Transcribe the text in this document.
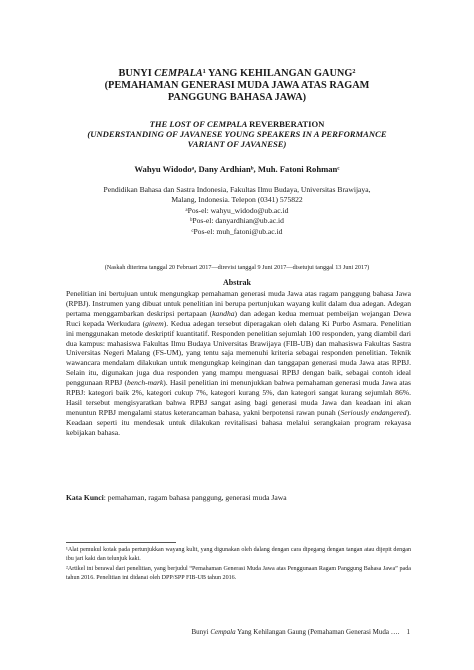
BUNYI CEMPALA¹ YANG KEHILANGAN GAUNG²
(PEMAHAMAN GENERASI MUDA JAWA ATAS RAGAM
PANGGUNG BAHASA JAWA)
THE LOST OF CEMPALA REVERBERATION
(UNDERSTANDING OF JAVANESE YOUNG SPEAKERS IN A PERFORMANCE
VARIANT OF JAVANESE)
Wahyu Widodoᵃ, Dany Ardhianᵇ, Muh. Fatoni Rohmanᶜ
Pendidikan Bahasa dan Sastra Indonesia, Fakultas Ilmu Budaya, Universitas Brawijaya,
Malang, Indonesia. Telepon (0341) 575822
ᵃPos-el: wahyu_widodo@ub.ac.id
ᵇPos-el: danyardhian@ub.ac.id
ᶜPos-el: muh_fatoni@ub.ac.id
(Naskah diterima tanggal 20 Februari 2017—direvisi tanggal 9 Juni 2017—disetujui tanggal 13 Juni 2017)
Abstrak
Penelitian ini bertujuan untuk mengungkap pemahaman generasi muda Jawa atas ragam panggung bahasa Jawa (RPBJ). Instrumen yang dibuat untuk penelitian ini berupa pertunjukan wayang kulit dalam dua adegan. Adegan pertama menggambarkan deskripsi pertapaan (kandha) dan adegan kedua memuat pembeijan wejangan Dewa Ruci kepada Werkudara (ginem). Kedua adegan tersebut diperagakan oleh dalang Ki Purbo Asmara. Penelitian ini menggunakan metode deskriptif kuantitatif. Responden penelitian sejumlah 100 responden, yang diambil dari dua kampus: mahasiswa Fakultas Ilmu Budaya Universitas Brawijaya (FIB-UB) dan mahasiswa Fakultas Sastra Universitas Negeri Malang (FS-UM), yang tentu saja memenuhi kriteria sebagai responden penelitian. Teknik wawancara mendalam dilakukan untuk mengungkap keinginan dan tanggapan generasi muda Jawa atas RPBJ. Selain itu, digunakan juga dua responden yang mampu menguasai RPBJ dengan baik, sebagai contoh ideal penggunaan RPBJ (bench-mark). Hasil penelitian ini menunjukkan bahwa pemahaman generasi muda Jawa atas RPBJ: kategori baik 2%, kategori cukup 7%, kategori kurang 5%, dan kategori sangat kurang sejumlah 86%. Hasil tersebut mengisyaratkan bahwa RPBJ sangat asing bagi generasi muda Jawa dan keadaan ini akan menuntun RPBJ mengalami status keterancaman bahasa, yakni berpotensi rawan punah (Seriously endangered). Keadaan seperti itu mendesak untuk dilakukan revitalisasi bahasa melalui serangkaian program rekayasa kebijakan bahasa.
Kata Kunci: pemahaman, ragam bahasa panggung, generasi muda Jawa
¹Alat pemukul kotak pada pertunjukkan wayang kulit, yang digunakan oleh dalang dengan cara dipegang dengan tangan atau dijepit dengan ibu jari kaki dan telunjuk kaki.
²Artikel ini berawal dari penelitian, yang berjudul “Pemahaman Generasi Muda Jawa atas Penggunaan Ragam Panggung Bahasa Jawa” pada tahun 2016. Penelitian ini didanai oleh DPP/SPP FIB-UB tahun 2016.
Bunyi Cempala Yang Kehilangan Gaung (Pemahaman Generasi Muda …. 1
